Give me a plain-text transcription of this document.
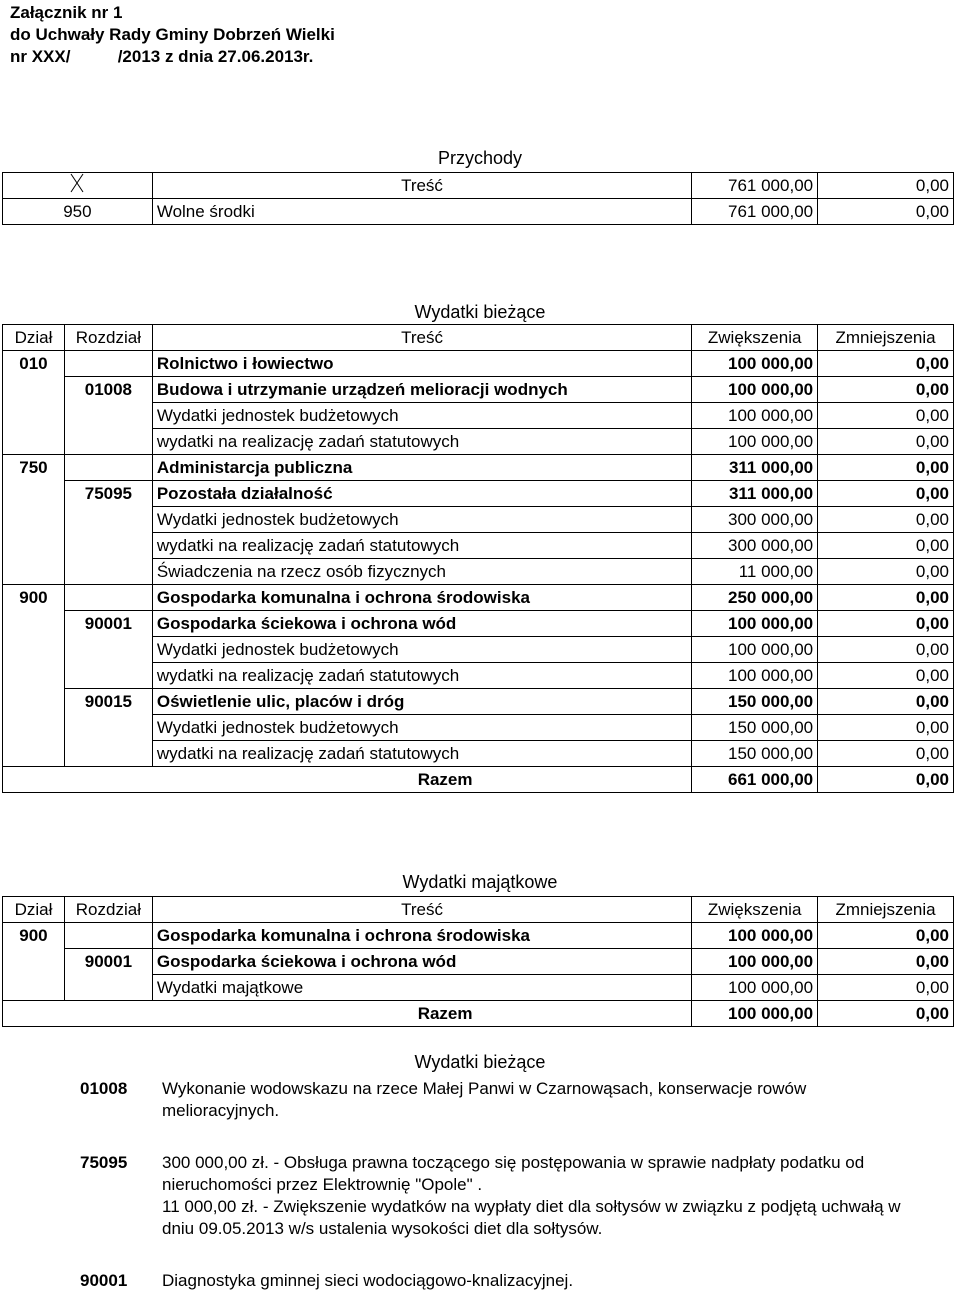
Załącznik nr 1
do Uchwały Rady Gminy Dobrzeń Wielki
nr XXX/          /2013 z dnia 27.06.2013r.
Przychody
	Treść	761 000,00	0,00
950	Wolne środki	761 000,00	0,00
Wydatki bieżące
Dział	Rozdział	Treść	Zwiększenia	Zmniejszenia
010		Rolnictwo i łowiectwo	100 000,00	0,00
	01008	Budowa i utrzymanie urządzeń melioracji wodnych	100 000,00	0,00
		Wydatki jednostek budżetowych	100 000,00	0,00
		wydatki na realizację zadań statutowych	100 000,00	0,00
750		Administarcja publiczna	311 000,00	0,00
	75095	Pozostała działalność	311 000,00	0,00
		Wydatki jednostek budżetowych	300 000,00	0,00
		wydatki na realizację zadań statutowych	300 000,00	0,00
		Świadczenia na rzecz osób fizycznych	11 000,00	0,00
900		Gospodarka komunalna i ochrona środowiska	250 000,00	0,00
	90001	Gospodarka ściekowa i ochrona wód	100 000,00	0,00
		Wydatki jednostek budżetowych	100 000,00	0,00
		wydatki na realizację zadań statutowych	100 000,00	0,00
	90015	Oświetlenie ulic, placów i dróg	150 000,00	0,00
		Wydatki jednostek budżetowych	150 000,00	0,00
		wydatki na realizację zadań statutowych	150 000,00	0,00
Razem			661 000,00	0,00
Wydatki majątkowe
Dział	Rozdział	Treść	Zwiększenia	Zmniejszenia
900		Gospodarka komunalna i ochrona środowiska	100 000,00	0,00
	90001	Gospodarka ściekowa i ochrona wód	100 000,00	0,00
		Wydatki majątkowe	100 000,00	0,00
Razem			100 000,00	0,00
Wydatki bieżące
01008	Wykonanie wodowskazu na rzece Małej Panwi w Czarnowąsach, konserwacje rowów melioracyjnych.
75095	300 000,00 zł. - Obsługa prawna toczącego się postępowania w sprawie nadpłaty podatku od nieruchomości przez Elektrownię "Opole" .
11 000,00 zł. - Zwiększenie wydatków na wypłaty diet dla sołtysów w związku z podjętą uchwałą w dniu 09.05.2013 w/s ustalenia wysokości diet dla sołtysów.
90001	Diagnostyka gminnej sieci wodociągowo-knalizacyjnej.
